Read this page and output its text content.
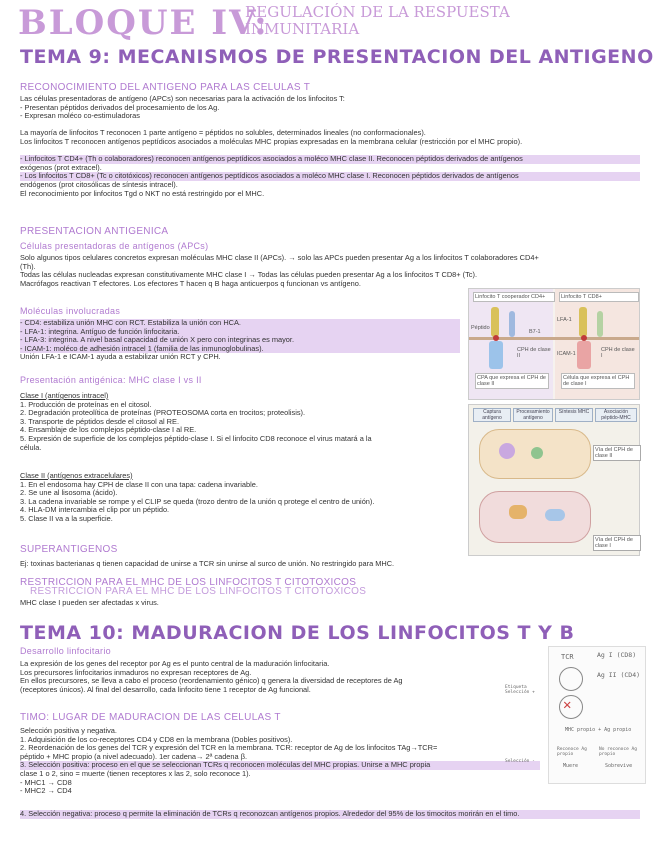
BLOQUE IV:
REGULACIÓN DE LA RESPUESTA INMUNITARIA
TEMA 9: MECANISMOS DE PRESENTACION DEL ANTIGENO
RECONOCIMIENTO DEL ANTIGENO PARA LAS CELULAS T

Las células presentadoras de antígeno (APCs) son necesarias para la activación de los linfocitos T:

- Presentan péptidos derivados del procesamiento de los Ag.

- Expresan moléco co-estimuladoras

La mayoría de linfocitos T reconocen 1 parte antígeno = péptidos no solubles, determinados lineales (no conformacionales).

Los linfocitos T reconocen antígenos peptídicos asociados a moléculas MHC propias expresadas en la membrana celular (restricción por el MHC propio).

- Linfocitos T CD4+ (Th o colaboradores) reconocen antígenos peptídicos asociados a moléco MHC clase II. Reconocen péptidos derivados de antígenos

exógenos (prot extracel).

- Los linfocitos T CD8+ (Tc o citotóxicos) reconocen antígenos peptídicos asociados a moléco MHC clase I. Reconocen péptidos derivados de antígenos

endógenos (prot citosólicas de síntesis intracel).

El reconocimiento por linfocitos Tgd o NKT no está restringido por el MHC.

PRESENTACION ANTIGENICA
Células presentadoras de antígenos (APCs)

Solo algunos tipos celulares concretos expresan moléculas MHC clase II (APCs). → solo las APCs pueden presentar Ag a los linfocitos T colaboradores CD4+

(Th).

Todas las células nucleadas expresan constitutivamente MHC clase I → Todas las células pueden presentar Ag a los linfocitos T CD8+ (Tc).

Macrófagos reactivan T efectores. Los efectores T hacen q B haga anticuerpos q funcionan vs antígeno.

Moléculas involucradas

- CD4: estabiliza unión MHC con RCT. Estabiliza la unión con HCA.

- LFA-1: integrina. Antíguo de función linfocitaria.

- LFA-3: integrina. A nivel basal capacidad de unión X pero con integrinas es mayor.

- ICAM-1: moléco de adhesión intracel 1 (familia de las inmunoglobulinas).

Unión LFA-1 e ICAM-1 ayuda a estabilizar unión RCT y CPH.

Presentación antigénica: MHC clase I vs II

Clase I (antígenos intracel)

1. Producción de proteínas en el citosol.

2. Degradación proteolítica de proteínas (PROTEOSOMA corta en trocitos; proteolisis).

3. Transporte de péptidos desde el citosol al RE.

4. Ensamblaje de los complejos péptido-clase I al RE.

5. Expresión de superficie de los complejos péptido-clase I. Si el linfocito CD8 reconoce el virus matará a la

célula.

Clase II (antígenos extracelulares)

1. En el endosoma hay CPH de clase II con una tapa: cadena invariable.

2. Se une al lisosoma (ácido).

3. La cadena invariable se rompe y el CLIP se queda (trozo dentro de la unión q protege el centro de unión).

4. HLA-DM intercambia el clip por un péptido.

5. Clase II va a la superficie.

SUPERANTIGENOS
Ej: toxinas bacterianas q tienen capacidad de unirse a TCR sin unirse al surco de unión. No restringido para MHC.
RESTRICCION PARA EL MHC DE LOS LINFOCITOS T CITOTOXICOS
RESTRICCION PARA EL MHC DE LOS LINFOCITOS T CITOTOXICOS
MHC clase I pueden ser afectadas x virus.
TEMA 10: MADURACION DE LOS LINFOCITOS T Y B
Desarrollo linfocitario

La expresión de los genes del receptor por Ag es el punto central de la maduración linfocitaria.

Los precursores linfocitarios inmaduros no expresan receptores de Ag.

En ellos precursores, se lleva a cabo el proceso (reordenamiento génico) q genera la diversidad de receptores de Ag

(receptores únicos). Al final del desarrollo, cada linfocito tiene 1 receptor de Ag funcional.

TIMO: LUGAR DE MADURACION DE LAS CELULAS T

Selección positiva y negativa.

1. Adquisición de los co-receptores CD4 y CD8 en la membrana (Dobles positivos).

2. Reordenación de los genes del TCR y expresión del TCR en la membrana. TCR: receptor de Ag de los linfocitos TAg→TCR=

péptido + MHC propio (a nivel adecuado). 1er cadena→ 2ª cadena β.

3. Selección positiva: proceso en el que se seleccionan TCRs q reconocen moléculas del MHC propias. Unirse a MHC propia

clase 1 o 2, sino = muerte (tienen receptores x las 2, solo reconoce 1).

- MHC1 → CD8

- MHC2 → CD4

4. Selección negativa: proceso q permite la eliminación de TCRs q reconozcan antígenos propios. Alrededor del 95% de los timocitos morirán en el timo.

Linfocito T cooperador CD4+	Linfocito T CD8+
Péptido
CPH de clase II
CPH de clase I
B7-1
LFA-1
ICAM-1
CPA que expresa el CPH de clase II
Célula que expresa el CPH de clase I
Captura antígeno
Procesamiento antígeno
Síntesis MHC	Asociación péptido-MHC
Vía del CPH de clase II
Vía del CPH de clase I
TCR	Ag I (CD8)
Ag II (CD4)
✕
Etiqueta Selección +
MHC propio + Ag propio
Selección -
Reconoce Ag propio
No reconoce Ag propio
Muere	Sobrevive
